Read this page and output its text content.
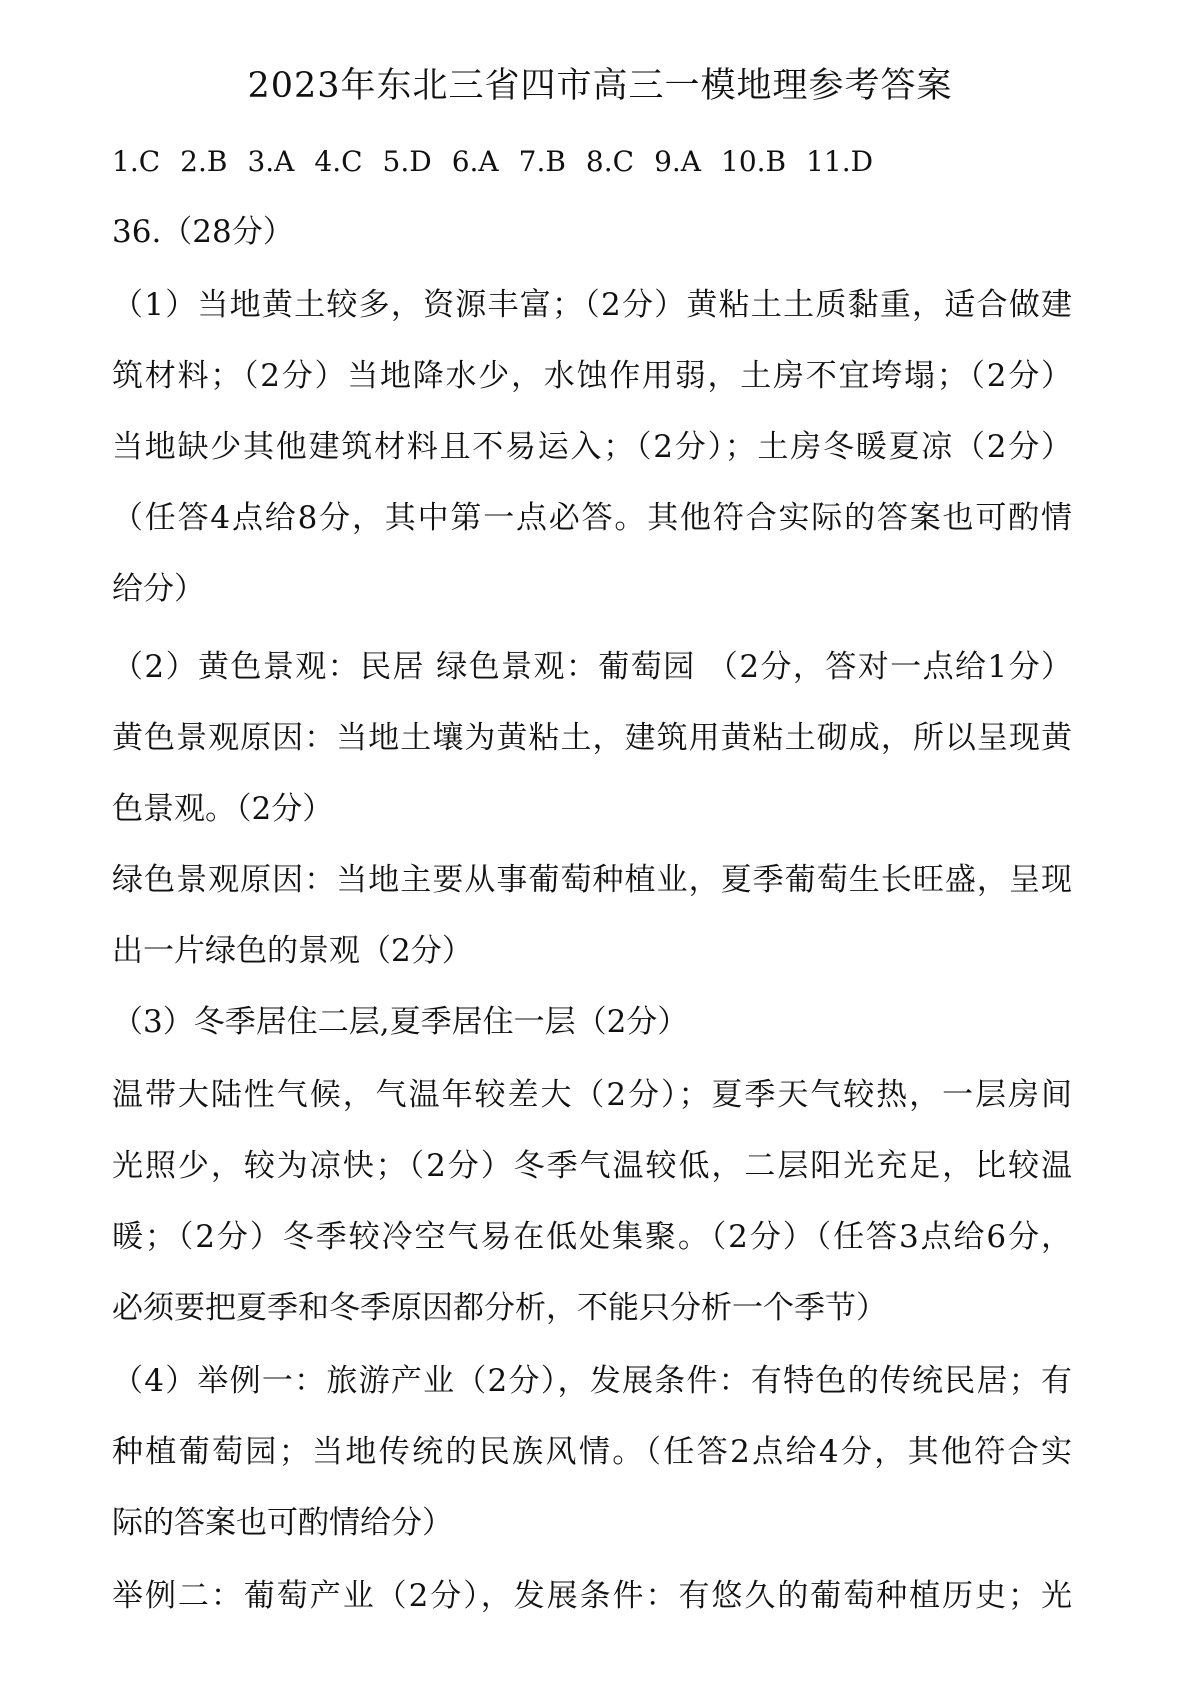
2023年东北三省四市高三一模地理参考答案
1.C 2.B 3.A 4.C 5.D 6.A 7.B 8.C 9.A 10.B 11.D
36.（28分）
（1）当地黄土较多，资源丰富；（2分）黄粘土土质黏重，适合做建
筑材料；（2分）当地降水少，水蚀作用弱，土房不宜垮塌；（2分）
当地缺少其他建筑材料且不易运入；（2分）；土房冬暖夏凉（2分）
（任答4点给8分，其中第一点必答。其他符合实际的答案也可酌情
给分）
（2）黄色景观：民居 绿色景观：葡萄园 （2分，答对一点给1分）
黄色景观原因：当地土壤为黄粘土，建筑用黄粘土砌成，所以呈现黄
色景观。（2分）
绿色景观原因：当地主要从事葡萄种植业，夏季葡萄生长旺盛，呈现
出一片绿色的景观（2分）
（3）冬季居住二层,夏季居住一层（2分）
温带大陆性气候，气温年较差大（2分）；夏季天气较热，一层房间
光照少，较为凉快；（2分）冬季气温较低，二层阳光充足，比较温
暖；（2分）冬季较冷空气易在低处集聚。（2分）（任答3点给6分，
必须要把夏季和冬季原因都分析，不能只分析一个季节）
（4）举例一：旅游产业（2分），发展条件：有特色的传统民居；有
种植葡萄园；当地传统的民族风情。（任答2点给4分，其他符合实
际的答案也可酌情给分）
举例二：葡萄产业（2分），发展条件：有悠久的葡萄种植历史；光
